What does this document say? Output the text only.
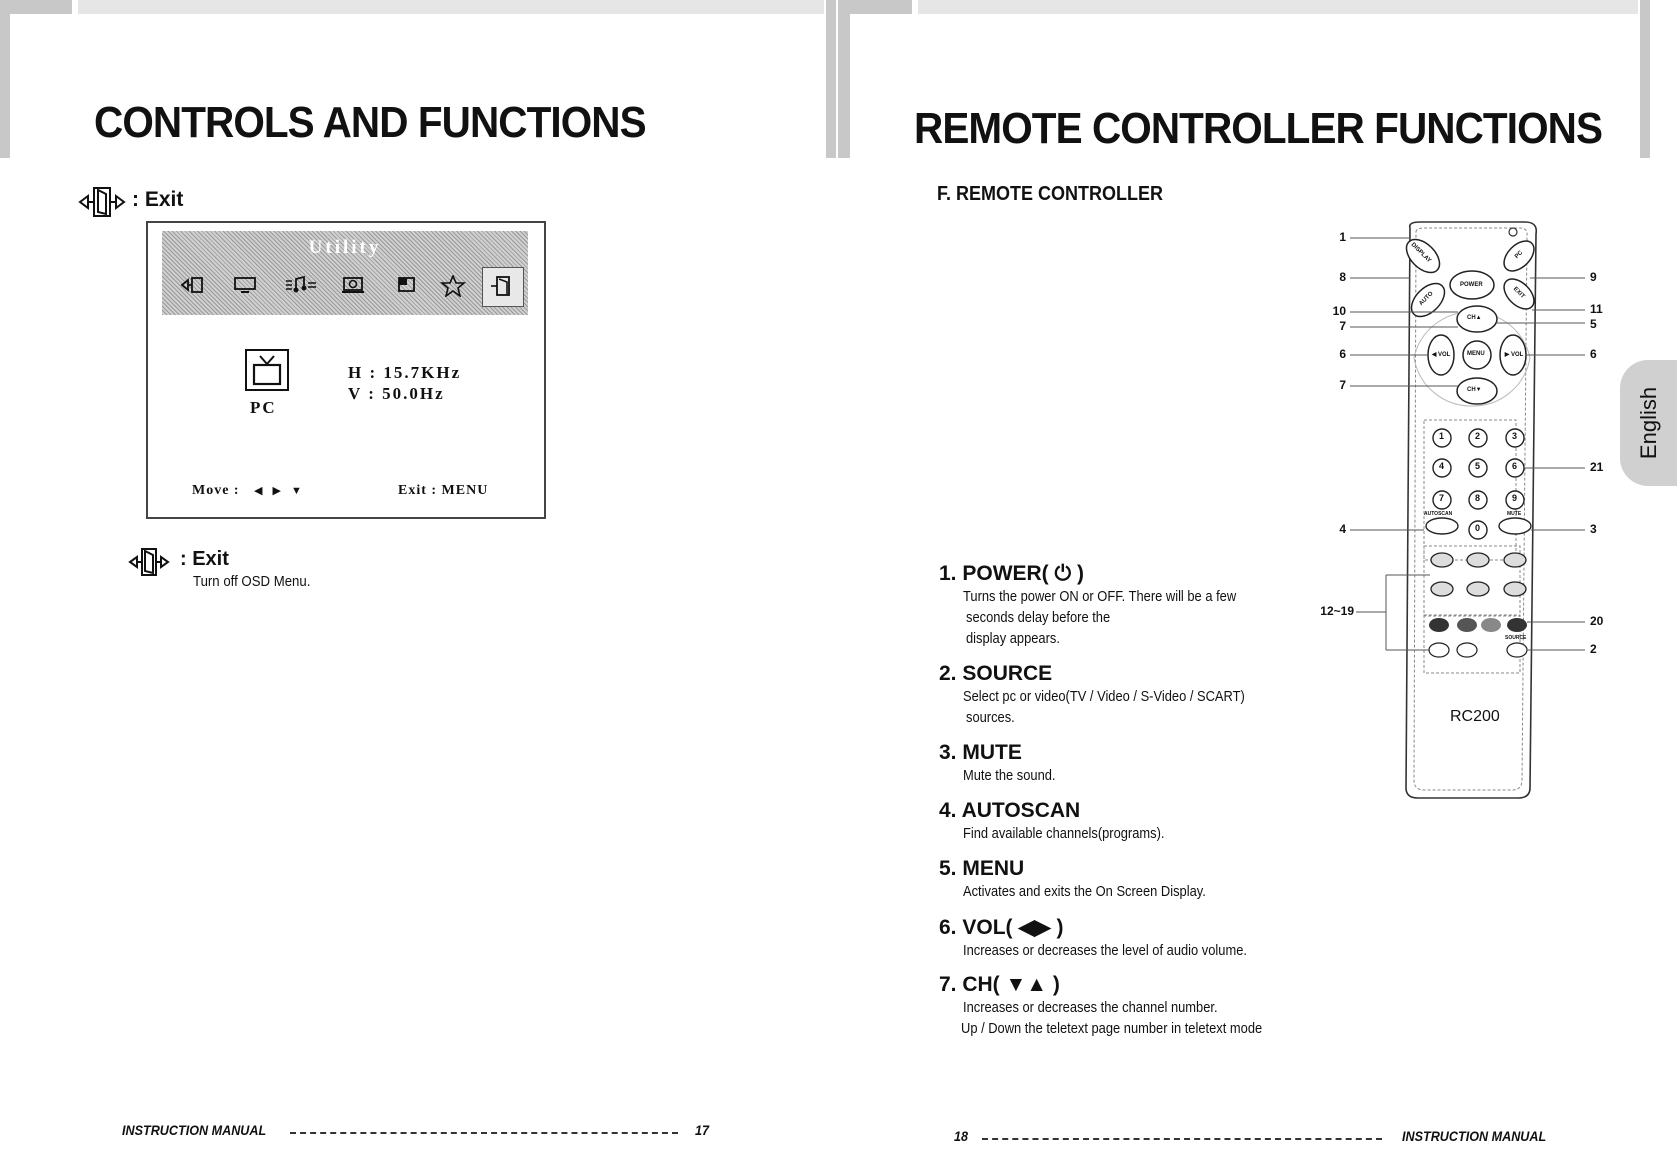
CONTROLS AND FUNCTIONS
: Exit
Utility
PC
H : 15.7KHz
V : 50.0Hz
Move : ◀▶▼	Exit : MENU
: Exit
Turn off OSD Menu.
INSTRUCTION MANUAL	17
REMOTE CONTROLLER FUNCTIONS
F. REMOTE CONTROLLER
1. POWER( ⏻ )
Turns the power ON or OFF. There will be a few
seconds delay before the
display appears.
2. SOURCE
Select pc or video(TV / Video / S-Video / SCART)
sources.
3. MUTE
Mute the sound.
4. AUTOSCAN
Find available channels(programs).
5. MENU
Activates and exits the On Screen Display.
6. VOL( ◀▶ )
Increases or decreases the level of audio volume.
7. CH( ▼▲ )
Increases or decreases the channel number.
Up / Down the teletext page number in teletext mode
DISPLAY
POWER
PC
AUTO	EXIT
CH▲
MENU
◀ VOL	▶ VOL
CH▼
1	2	3
4	5	6
7	8	9
0
AUTOSCAN	MUTE
SOURCE
RC200
1
8
10
7
6
7
4
12~19
9
11
5
6
21
3
20
2
English
18	INSTRUCTION MANUAL
